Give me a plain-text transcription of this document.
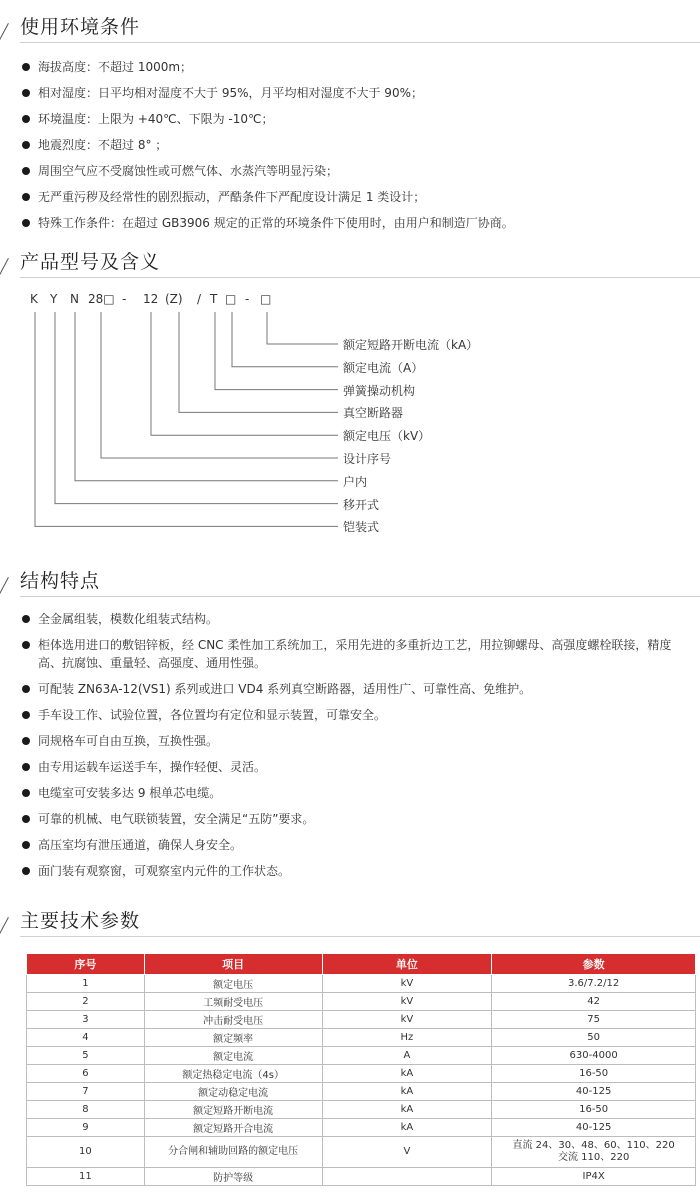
使用环境条件
海拔高度：不超过 1000m；
相对湿度：日平均相对湿度不大于 95%，月平均相对湿度不大于 90%；
环境温度：上限为 +40℃、下限为 -10℃；
地震烈度：不超过 8° ；
周围空气应不受腐蚀性或可燃气体、水蒸汽等明显污染；
无严重污秽及经常性的剧烈振动，严酷条件下严配度设计满足 1 类设计；
特殊工作条件：在超过 GB3906 规定的正常的环境条件下使用时，由用户和制造厂协商。
产品型号及含义
K Y N 28□ - 12 (Z) / T □ - □
额定短路开断电流（kA）
额定电流（A）
弹簧操动机构
真空断路器
额定电压（kV）
设计序号
户内
移开式
铠装式
结构特点
全金属组装，模数化组装式结构。
柜体选用进口的敷铝锌板，经 CNC 柔性加工系统加工，采用先进的多重折边工艺，用拉铆螺母、高强度螺栓联接，精度高、抗腐蚀、重量轻、高强度、通用性强。
可配装 ZN63A-12(VS1) 系列或进口 VD4 系列真空断路器，适用性广、可靠性高、免维护。
手车设工作、试验位置，各位置均有定位和显示装置，可靠安全。
同规格车可自由互换，互换性强。
由专用运载车运送手车，操作轻便、灵活。
电缆室可安装多达 9 根单芯电缆。
可靠的机械、电气联锁装置，安全满足“五防”要求。
高压室均有泄压通道，确保人身安全。
面门装有观察窗，可观察室内元件的工作状态。
主要技术参数
序号	项目	单位	参数
1	额定电压	kV	3.6/7.2/12
2	工频耐受电压	kV	42
3	冲击耐受电压	kV	75
4	额定频率	Hz	50
5	额定电流	A	630-4000
6	额定热稳定电流（4s）	kA	16-50
7	额定动稳定电流	kA	40-125
8	额定短路开断电流	kA	16-50
9	额定短路开合电流	kA	40-125
10	分合闸和辅助回路的额定电压	V	直流 24、30、48、60、110、220
交流 110、220
11	防护等级		IP4X
